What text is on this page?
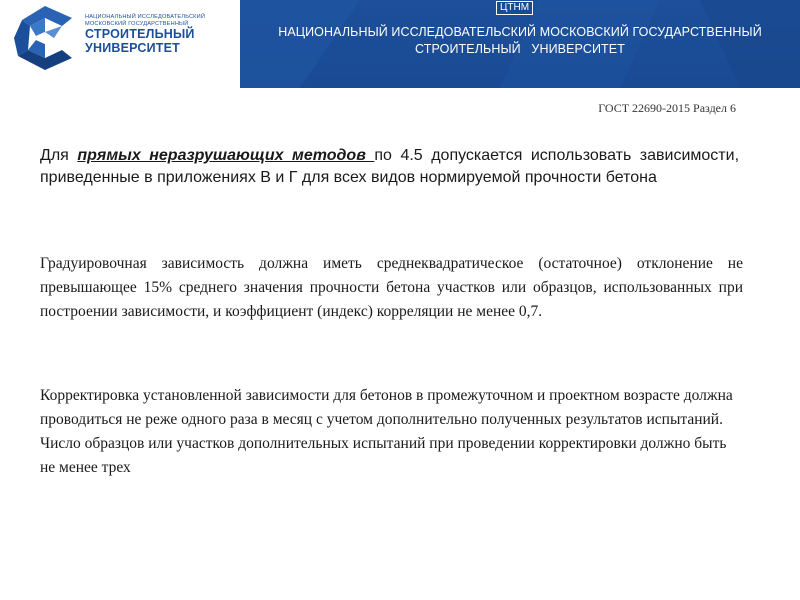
НАЦИОНАЛЬНЫЙ ИССЛЕДОВАТЕЛЬСКИЙ
МОСКОВСКИЙ ГОСУДАРСТВЕННЫЙ
СТРОИТЕЛЬНЫЙ
УНИВЕРСИТЕТ
НАЦИОНАЛЬНЫЙ ИССЛЕДОВАТЕЛЬСКИЙ МОСКОВСКИЙ ГОСУДАРСТВЕННЫЙ
СТРОИТЕЛЬНЫЙ   УНИВЕРСИТЕТ
ЦТНМ
ГОСТ 22690-2015 Раздел 6
Для прямых неразрушающих методов по 4.5 допускается использовать зависимости, приведенные в приложениях В и Г для всех видов нормируемой прочности бетона
Градуировочная зависимость должна иметь среднеквадратическое (остаточное) отклонение не превышающее 15% среднего значения прочности бетона участков или образцов, использованных при построении зависимости, и коэффициент (индекс) корреляции не менее 0,7.
Корректировка установленной зависимости для бетонов в промежуточном и проектном возрасте должна проводиться не реже одного раза в месяц с учетом дополнительно полученных результатов испытаний. Число образцов или участков дополнительных испытаний при проведении корректировки должно быть не менее трех
